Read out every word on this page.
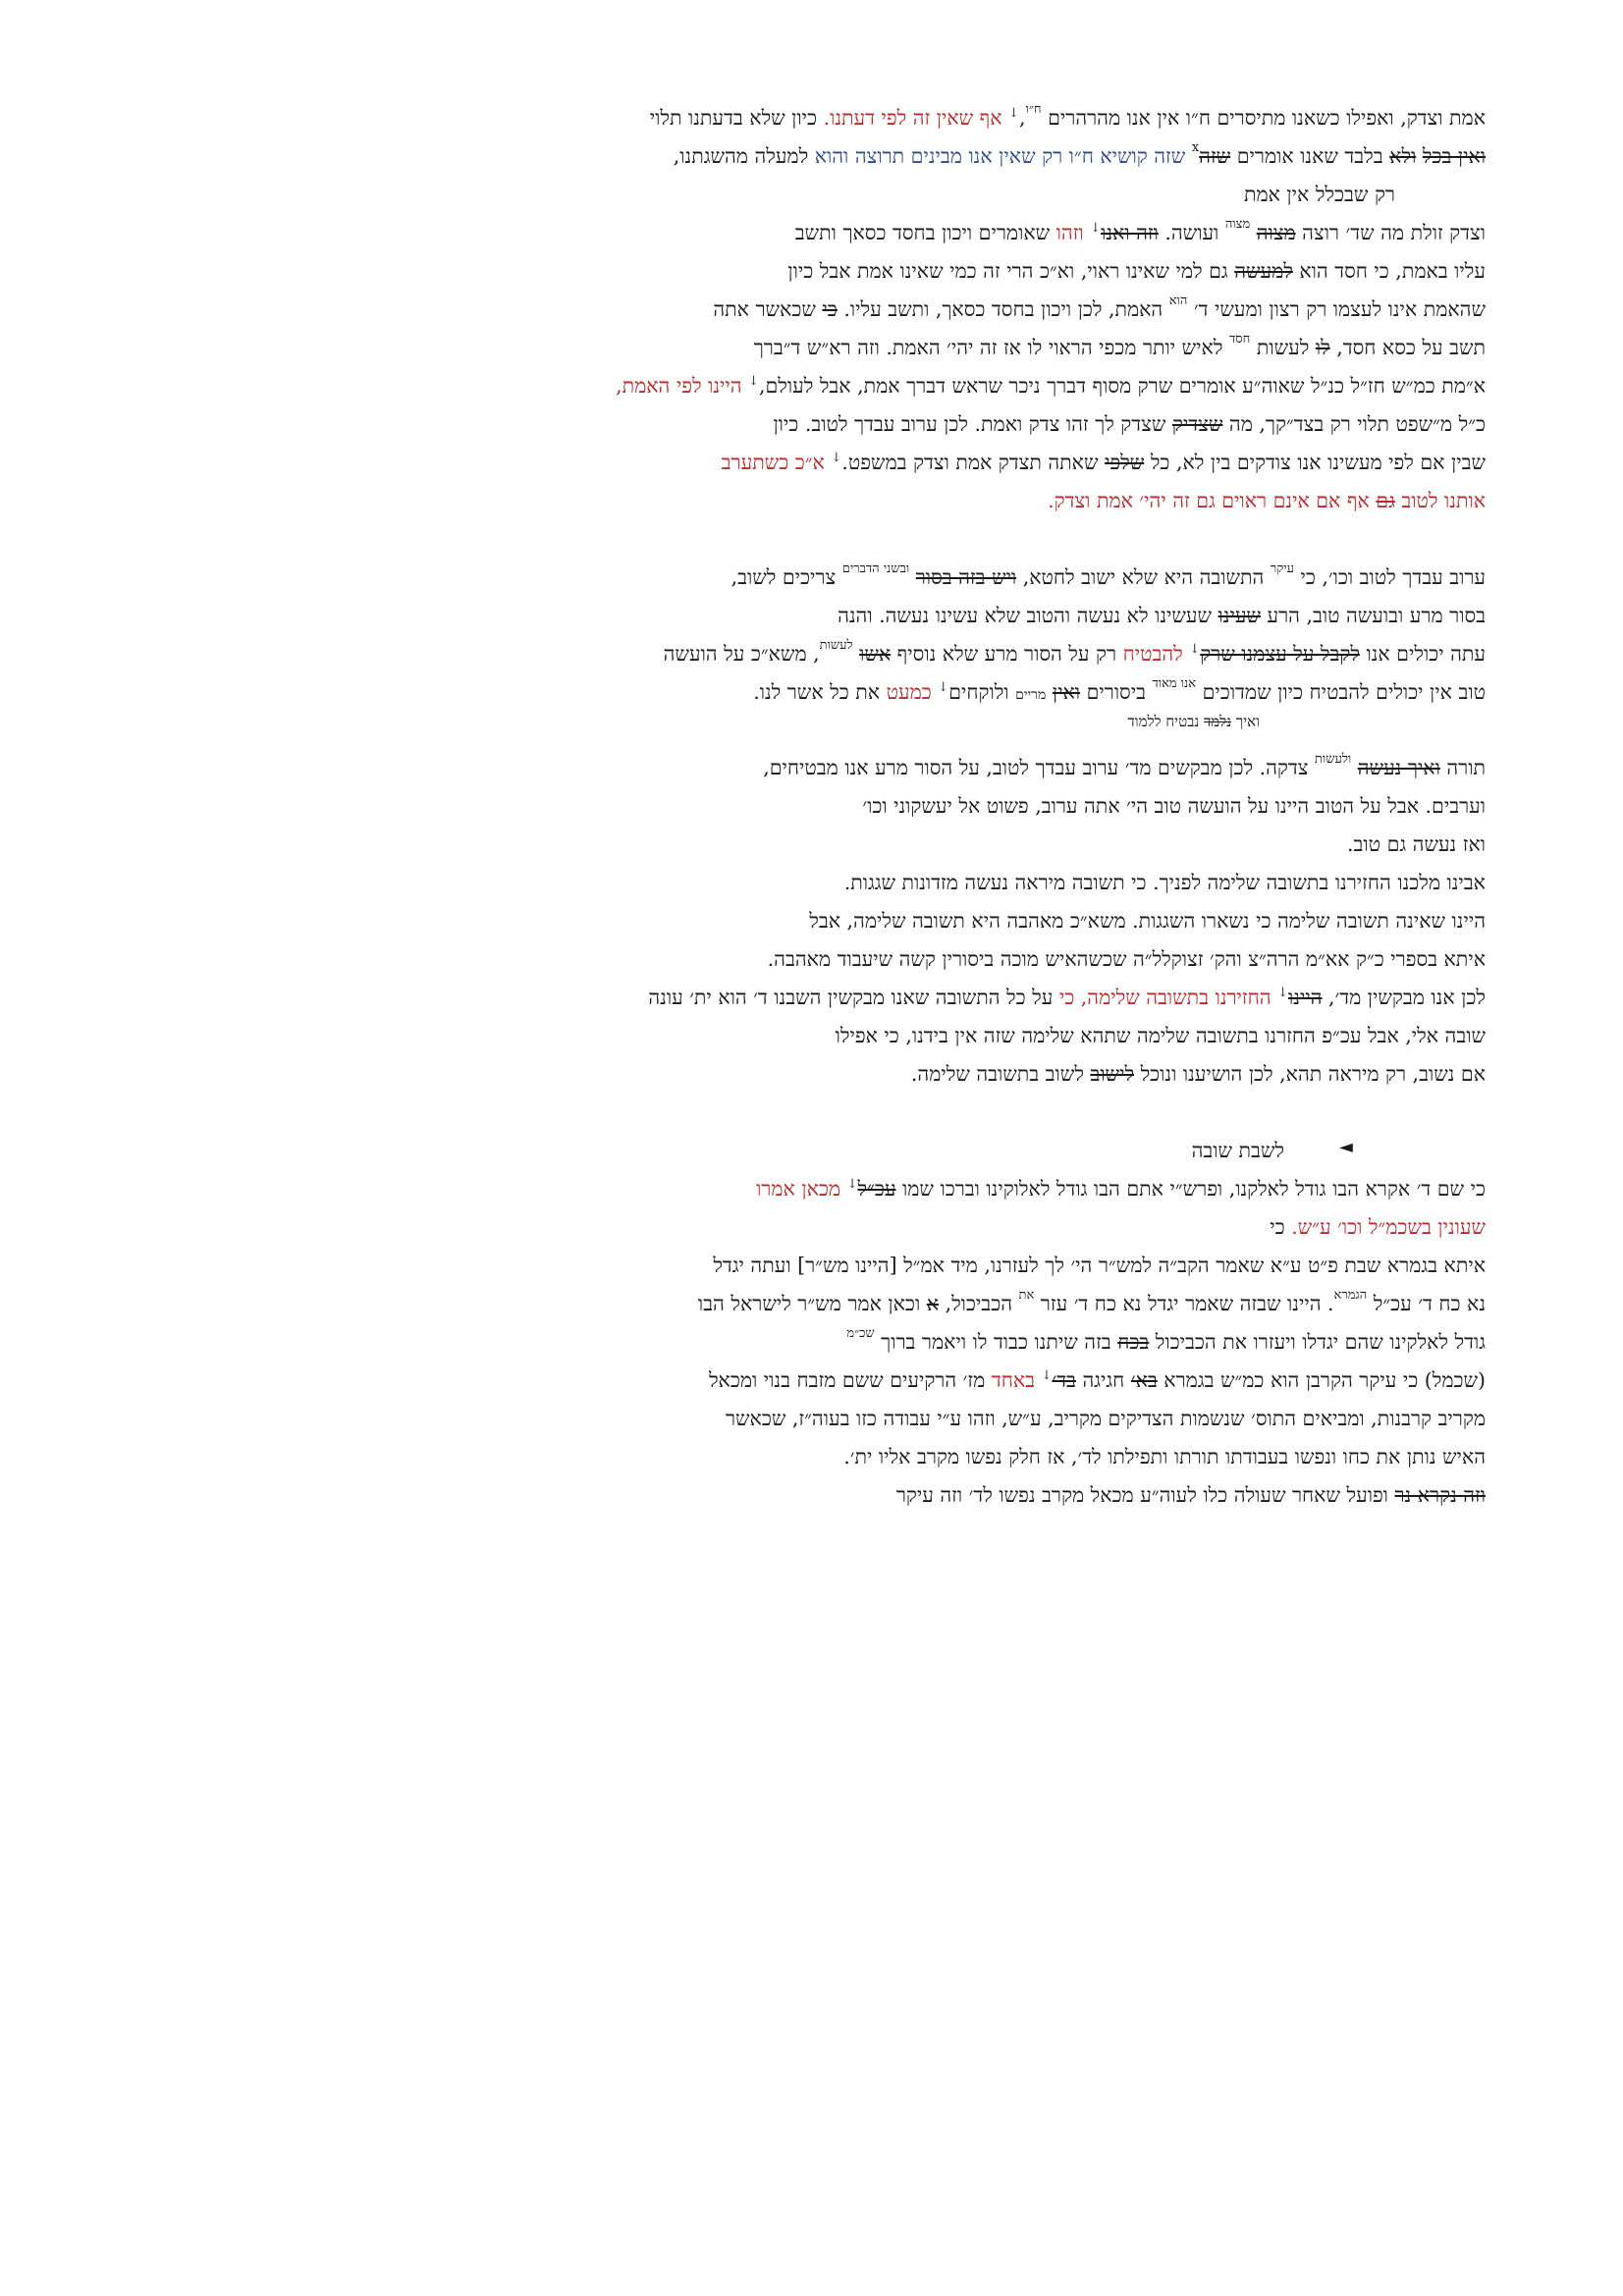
אמת וצדק, ואפילו כשאנו מתיסרים ח״ו אין אנו מהרהרים $^{ח״ו}$,↓ אף שאין זה לפי דעתנו. כיון שלא בדעתנו תלוי
ואין בכל ולא בלבד שאנו אומרים שזה$^x$ שזה קושיא ח״ו רק שאין אנו מבינים תרוצה והוא למעלה מהשגתנו,
רק שבכלל אין אמת
וצדק זולת מה שד׳ רוצה מצוה $^{מצוה}$ ועושה. וזה ואנו↓ וזהו שאומרים ויכון בחסד כסאך ותשב
עליו באמת, כי חסד הוא למעשה גם למי שאינו ראוי, וא״כ הרי זה כמי שאינו אמת אבל כיון
שהאמת אינו לעצמו רק רצון ומעשי ד׳ $^{הוא}$ האמת, לכן ויכון בחסד כסאך, ותשב עליו. כי שכאשר אתה
תשב על כסא חסד, לו לעשות $^{חסד}$ לאיש יותר מכפי הראוי לו אז זה יהי׳ האמת. וזה רא״ש ד״ברך
א״מת כמ״ש חז״ל כנ״ל שאוה״ע אומרים שרק מסוף דברך ניכר שראש דברך אמת, אבל לעולם,↓ היינו לפי האמת,
כ״ל מ״שפט תלוי רק בצד״קך, מה שצדיק שצדק לך זהו צדק ואמת. לכן ערוב עבדך לטוב. כיון
שבין אם לפי מעשינו אנו צודקים בין לא, כל שלפי שאתה תצדק אמת וצדק במשפט.↓ א״כ כשתערב
אותנו לטוב גם אף אם אינם ראוים גם זה יהי׳ אמת וצדק.
ערוב עבדך לטוב וכו׳, כי $^{עיקר}$ התשובה היא שלא ישוב לחטא, ויש בזה בסור $^{ובשני הדברים}$ צריכים לשוב,
בסור מרע ובועשה טוב, הרע שעינו שעשינו לא נעשה והטוב שלא עשינו נעשה. והנה
עתה יכולים אנו לקבל על עצמנו שרק↓ להבטיח רק על הסור מרע שלא נוסיף אשו $^{לעשות}$, משא״כ על הועשה
טוב אין יכולים להבטיח כיון שמדוכים $^{אנו מאוד}$ ביסורים ואין מריים ולוקחים↓ כמעט את כל אשר לנו.
ואיך נלמד נבטיח ללמוד
תורה ואיך נעשה $^{ולעשות}$ צדקה. לכן מבקשים מד׳ ערוב עבדך לטוב, על הסור מרע אנו מבטיחים,
וערבים. אבל על הטוב היינו על הועשה טוב הי׳ אתה ערוב, פשוט אל יעשקוני וכו׳
ואז נעשה גם טוב.
אבינו מלכנו החזירנו בתשובה שלימה לפניך. כי תשובה מיראה נעשה מזדונות שגגות.
היינו שאינה תשובה שלימה כי נשארו השגגות. משא״כ מאהבה היא תשובה שלימה, אבל
איתא בספרי כ״ק אא״מ הרה״צ והק׳ זצוקלל״ה שכשהאיש מוכה ביסורין קשה שיעבוד מאהבה.
לכן אנו מבקשין מד׳, היינו↓ החזירנו בתשובה שלימה, כי על כל התשובה שאנו מבקשין השבנו ד׳ הוא ית׳ עונה
שובה אלי, אבל עכ״פ החזרנו בתשובה שלימה שתהא שלימה שזה אין בידנו, כי אפילו
אם נשוב, רק מיראה תהא, לכן הושיענו ונוכל לישוב לשוב בתשובה שלימה.
◄
לשבת שובה
כי שם ד׳ אקרא הבו גודל לאלקנו, ופרש״י אתם הבו גודל לאלוקינו וברכו שמו עכ״ל↓ מכאן אמרו
שעונין בשכמ״ל וכו׳ ע״ש. כי
איתא בגמרא שבת פ״ט ע״א שאמר הקב״ה למש״ר הי׳ לך לעזרנו, מיד אמ״ל [היינו מש״ר] ועתה יגדל
נא כח ד׳ עכ״ל $^{הגמרא}$. היינו שבזה שאמר יגדל נא כח ד׳ עזר $^{את}$ הכביכול, א וכאן אמר מש״ר לישראל הבו
גודל לאלקינו שהם יגדלו ויעזרו את הכביכול בכח בזה שיתנו כבוד לו ויאמר ברוך $^{שכ״מ}$
(שכמל) כי עיקר הקרבן הוא כמ״ש בגמרא בא׳ חגיגה בד׳↓ באחד מז׳ הרקיעים ששם מזבח בנוי ומכאל
מקריב קרבנות, ומביאים התוס׳ שנשמות הצדיקים מקריב, ע״ש, וזהו ע״י עבודה כזו בעוה״ז, שכאשר
האיש נותן את כחו ונפשו בעבודתו תורתו ותפילתו לד׳, אז חלק נפשו מקרב אליו ית׳.
וזה נקרא נר ופועל שאחר שעולה כלו לעוה״ע מכאל מקרב נפשו לד׳ וזה עיקר
